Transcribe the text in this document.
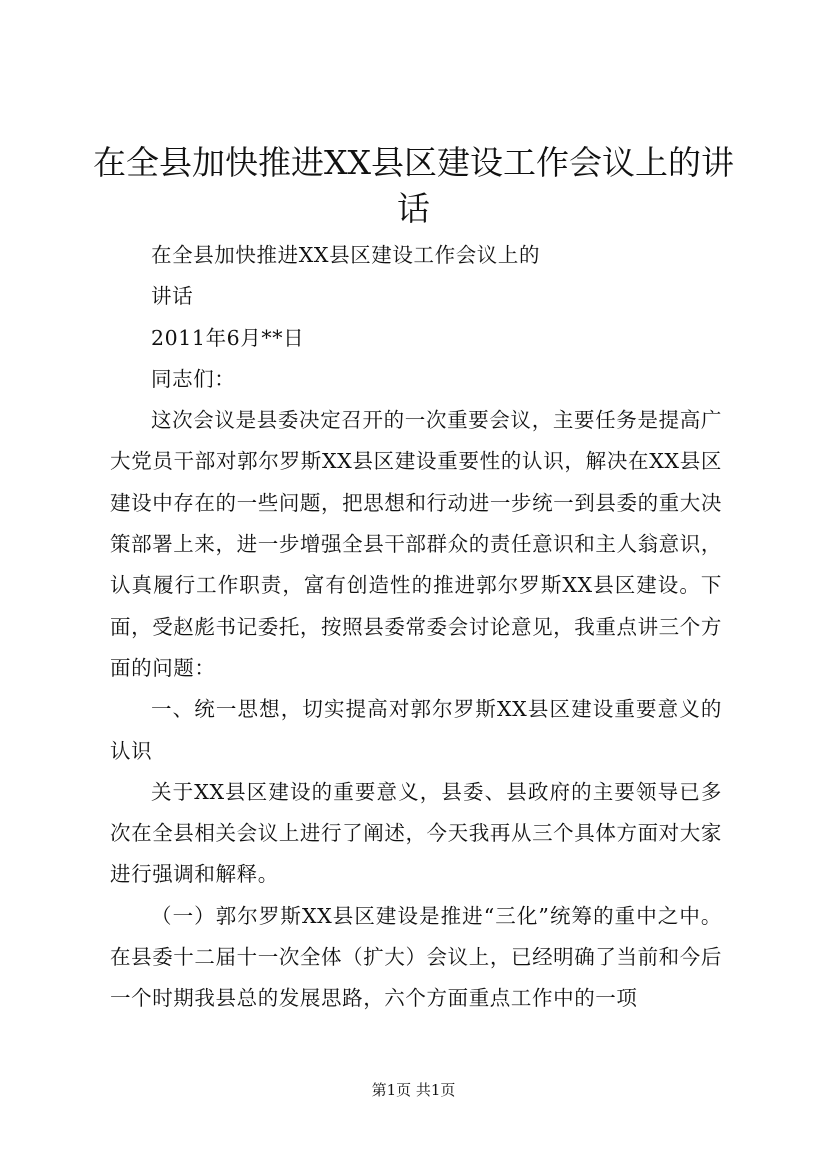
在全县加快推进XX县区建设工作会议上的讲话

在全县加快推进XX县区建设工作会议上的

讲话

2011年6月**日

同志们：

这次会议是县委决定召开的一次重要会议，主要任务是提高广大党员干部对郭尔罗斯XX县区建设重要性的认识，解决在XX县区建设中存在的一些问题，把思想和行动进一步统一到县委的重大决策部署上来，进一步增强全县干部群众的责任意识和主人翁意识，认真履行工作职责，富有创造性的推进郭尔罗斯XX县区建设。下面，受赵彪书记委托，按照县委常委会讨论意见，我重点讲三个方面的问题：

一、统一思想，切实提高对郭尔罗斯XX县区建设重要意义的认识

关于XX县区建设的重要意义，县委、县政府的主要领导已多次在全县相关会议上进行了阐述，今天我再从三个具体方面对大家进行强调和解释。

（一）郭尔罗斯XX县区建设是推进“三化”统筹的重中之中。在县委十二届十一次全体（扩大）会议上，已经明确了当前和今后一个时期我县总的发展思路，六个方面重点工作中的一项

第1页 共1页
